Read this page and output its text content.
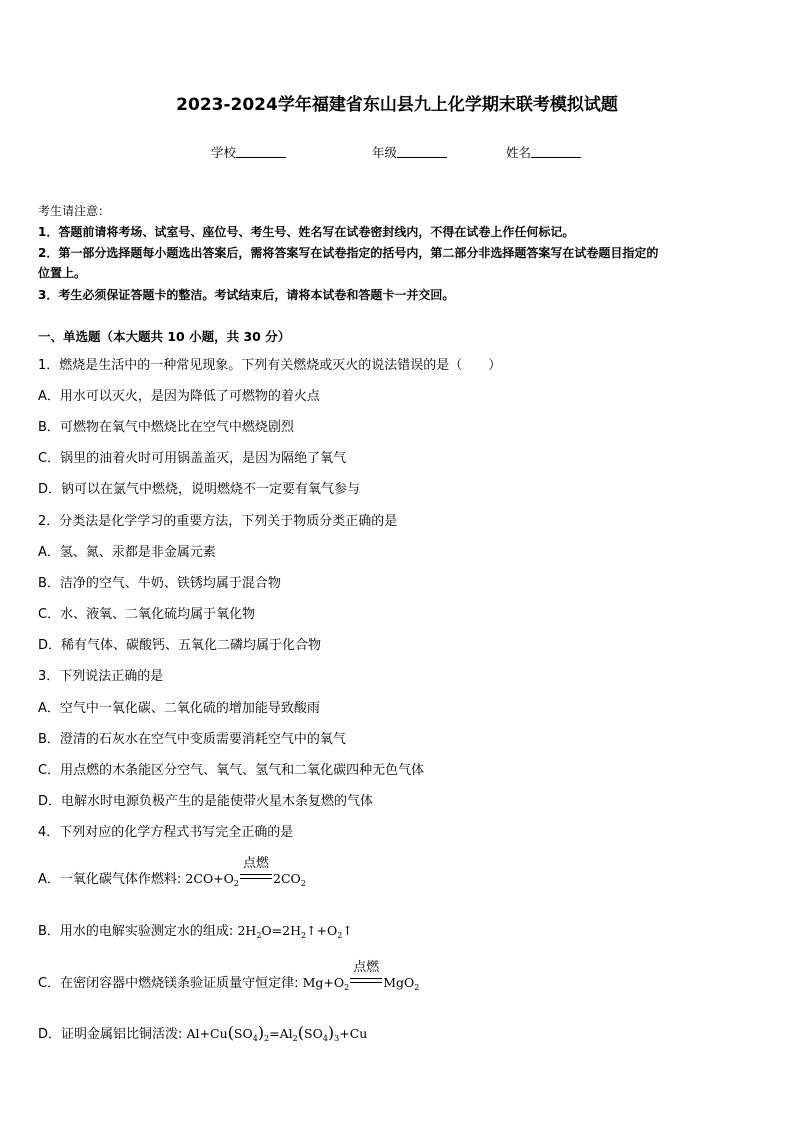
2023-2024学年福建省东山县九上化学期末联考模拟试题
学校	年级	姓名
考生请注意：
1．答题前请将考场、试室号、座位号、考生号、姓名写在试卷密封线内，不得在试卷上作任何标记。
2．第一部分选择题每小题选出答案后，需将答案写在试卷指定的括号内，第二部分非选择题答案写在试卷题目指定的
位置上。
3．考生必须保证答题卡的整洁。考试结束后，请将本试卷和答题卡一并交回。
一、单选题（本大题共 10 小题，共 30 分）
1．燃烧是生活中的一种常见现象。下列有关燃烧或灭火的说法错误的是（　　）
A．用水可以灭火，是因为降低了可燃物的着火点
B．可燃物在氧气中燃烧比在空气中燃烧剧烈
C．锅里的油着火时可用锅盖盖灭，是因为隔绝了氧气
D．钠可以在氯气中燃烧，说明燃烧不一定要有氧气参与
2．分类法是化学学习的重要方法，下列关于物质分类正确的是
A．氢、氮、汞都是非金属元素
B．洁净的空气、牛奶、铁锈均属于混合物
C．水、液氧、二氧化硫均属于氧化物
D．稀有气体、碳酸钙、五氧化二磷均属于化合物
3．下列说法正确的是
A．空气中一氧化碳、二氧化硫的增加能导致酸雨
B．澄清的石灰水在空气中变质需要消耗空气中的氧气
C．用点燃的木条能区分空气、氧气、氢气和二氧化碳四种无色气体
D．电解水时电源负极产生的是能使带火星木条复燃的气体
4．下列对应的化学方程式书写完全正确的是
A．一氧化碳气体作燃料: $2CO+O_2$
点燃
$2CO_2$
B．用水的电解实验测定水的组成: $2H_2O=2H_2↑+O_2↑$
C．在密闭容器中燃烧镁条验证质量守恒定律: $Mg+O_2$
点燃
MgO$_2$
D．证明金属铝比铜活泼: $Al+Cu(SO_4)_2=Al_2(SO_4)_3+Cu$
